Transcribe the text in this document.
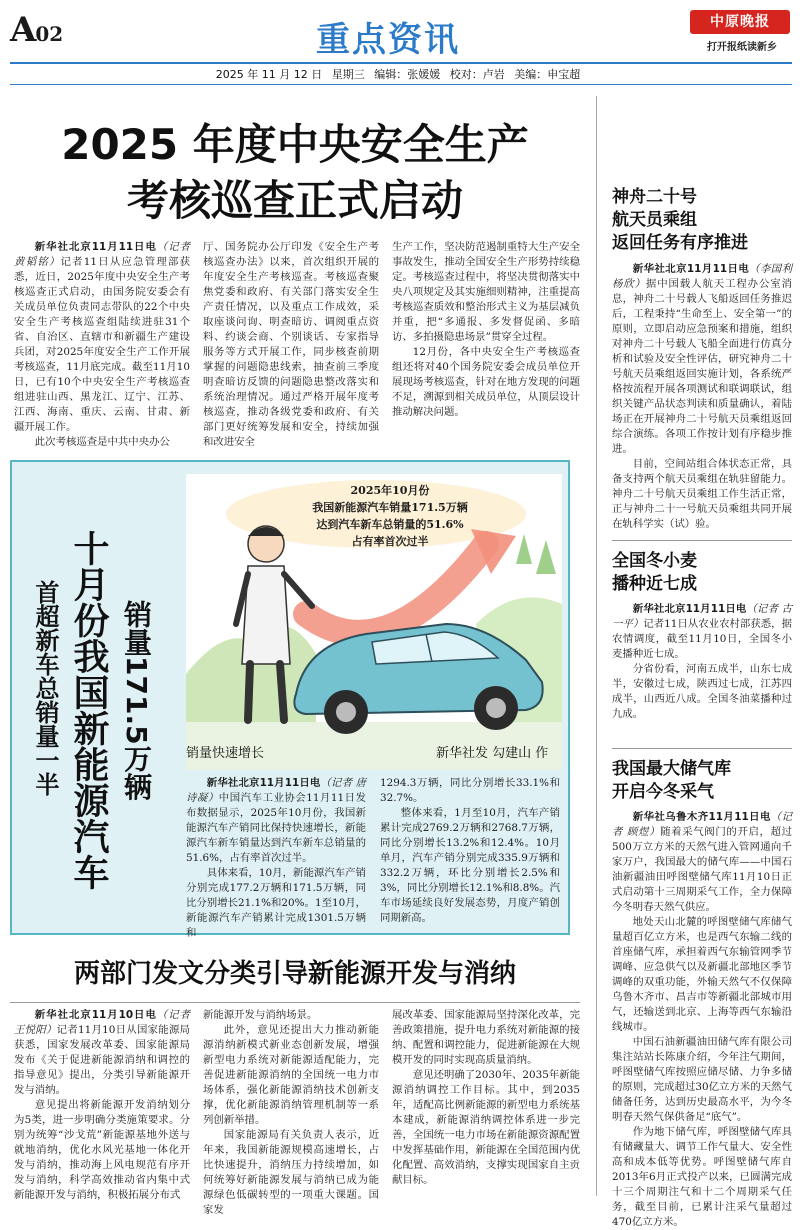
A02	重点资讯	中原晚报
打开报纸读新乡
2025 年 11 月 12 日 星期三 编辑：张媛媛 校对：卢岩 美编：申宝超
2025 年度中央安全生产
考核巡查正式启动

新华社北京11月11日电（记者 黄韬铭）记者11日从应急管理部获悉，近日，2025年度中央安全生产考核巡查正式启动，由国务院安委会有关成员单位负责同志带队的22个中央安全生产考核巡查组陆续进驻31个省、自治区、直辖市和新疆生产建设兵团，对2025年度安全生产工作开展考核巡查，11月底完成。截至11月10日，已有10个中央安全生产考核巡查组进驻山西、黑龙江、辽宁、江苏、江西、海南、重庆、云南、甘肃、新疆开展工作。

此次考核巡查是中共中央办公

厅、国务院办公厅印发《安全生产考核巡查办法》以来，首次组织开展的年度安全生产考核巡查。考核巡查聚焦党委和政府、有关部门落实安全生产责任情况，以及重点工作成效，采取座谈问询、明查暗访、调阅重点资料、约谈会商、个别谈话、专家指导服务等方式开展工作，同步核查前期掌握的问题隐患线索，抽查前三季度明查暗访反馈的问题隐患整改落实和系统治理情况。通过严格开展年度考核巡查，推动各级党委和政府、有关部门更好统筹发展和安全，持续加强和改进安全

生产工作，坚决防范遏制重特大生产安全事故发生，推动全国安全生产形势持续稳定。考核巡查过程中，将坚决贯彻落实中央八项规定及其实施细则精神，注重提高考核巡查质效和整治形式主义为基层减负并重，把“多通报、多发督促函、多暗访、多拍摄隐患场景”贯穿全过程。

12月份，各中央安全生产考核巡查组还将对40个国务院安委会成员单位开展现场考核巡查，针对在地方发现的问题不足，溯源到相关成员单位，从顶层设计推动解决问题。

十月份我国新能源汽车
首超新车总销量一半 销量171.5万辆
2025年10月份
我国新能源汽车销量171.5万辆
达到汽车新车总销量的51.6%
占有率首次过半
销量快速增长	新华社发 勾建山 作

新华社北京11月11日电（记者 唐诗凝）中国汽车工业协会11月11日发布数据显示，2025年10月份，我国新能源汽车产销同比保持快速增长，新能源汽车新车销量达到汽车新车总销量的51.6%，占有率首次过半。

具体来看，10月，新能源汽车产销分别完成177.2万辆和171.5万辆，同比分别增长21.1%和20%。1至10月，新能源汽车产销累计完成1301.5万辆和

1294.3万辆，同比分别增长33.1%和32.7%。

整体来看，1月至10月，汽车产销累计完成2769.2万辆和2768.7万辆，同比分别增长13.2%和12.4%。10月单月，汽车产销分别完成335.9万辆和332.2万辆，环比分别增长2.5%和3%，同比分别增长12.1%和8.8%。汽车市场延续良好发展态势，月度产销创同期新高。

两部门发文分类引导新能源开发与消纳

新华社北京11月10日电（记者 王悦阳）记者11月10日从国家能源局获悉，国家发展改革委、国家能源局发布《关于促进新能源消纳和调控的指导意见》提出，分类引导新能源开发与消纳。

意见提出将新能源开发消纳划分为5类，进一步明确分类施策要求。分别为统筹“沙戈荒”新能源基地外送与就地消纳，优化水风光基地一体化开发与消纳，推动海上风电规范有序开发与消纳，科学高效推动省内集中式新能源开发与消纳，积极拓展分布式

新能源开发与消纳场景。

此外，意见还提出大力推动新能源消纳新模式新业态创新发展，增强新型电力系统对新能源适配能力，完善促进新能源消纳的全国统一电力市场体系，强化新能源消纳技术创新支撑，优化新能源消纳管理机制等一系列创新举措。

国家能源局有关负责人表示，近年来，我国新能源规模高速增长，占比快速提升，消纳压力持续增加，如何统筹好新能源发展与消纳已成为能源绿色低碳转型的一项重大课题。国家发

展改革委、国家能源局坚持深化改革，完善政策措施，提升电力系统对新能源的接纳、配置和调控能力，促进新能源在大规模开发的同时实现高质量消纳。

意见还明确了2030年、2035年新能源消纳调控工作目标。其中，到2035年，适配高比例新能源的新型电力系统基本建成，新能源消纳调控体系进一步完善，全国统一电力市场在新能源资源配置中发挥基础作用，新能源在全国范围内优化配置、高效消纳，支撑实现国家自主贡献目标。

神舟二十号
航天员乘组
返回任务有序推进

新华社北京11月11日电（李国利 杨欣）据中国载人航天工程办公室消息，神舟二十号载人飞船返回任务推迟后，工程秉持“生命至上、安全第一”的原则，立即启动应急预案和措施，组织对神舟二十号载人飞船全面进行仿真分析和试验及安全性评估，研究神舟二十号航天员乘组返回实施计划，各系统严格按流程开展各项测试和联调联试，组织关键产品状态判读和质量确认，着陆场正在开展神舟二十号航天员乘组返回综合演练。各项工作按计划有序稳步推进。

目前，空间站组合体状态正常，具备支持两个航天员乘组在轨驻留能力。神舟二十号航天员乘组工作生活正常，正与神舟二十一号航天员乘组共同开展在轨科学实（试）验。

全国冬小麦
播种近七成

新华社北京11月11日电（记者 古一平）记者11日从农业农村部获悉，据农情调度，截至11月10日，全国冬小麦播种近七成。

分省份看，河南五成半，山东七成半，安徽过七成，陕西过七成，江苏四成半，山西近八成。全国冬油菜播种过九成。

我国最大储气库
开启今冬采气

新华社乌鲁木齐11月11日电（记者 顾煜）随着采气阀门的开启，超过500万立方米的天然气进入管网通向千家万户，我国最大的储气库——中国石油新疆油田呼图壁储气库11月10日正式启动第十三周期采气工作，全力保障今冬明春天然气供应。

地处天山北麓的呼图壁储气库储气量超百亿立方米，也是西气东输二线的首座储气库，承担着西气东输管网季节调峰、应急供气以及新疆北部地区季节调峰的双重功能，外输天然气不仅保障乌鲁木齐市、昌吉市等新疆北部城市用气，还输送到北京、上海等西气东输沿线城市。

中国石油新疆油田储气库有限公司集注站站长陈康介绍，今年注气期间，呼图壁储气库按照应储尽储、力争多储的原则，完成超过30亿立方米的天然气储备任务，达到历史最高水平，为今冬明春天然气保供备足“底气”。

作为地下储气库，呼图壁储气库具有储藏量大、调节工作气量大、安全性高和成本低等优势。呼图壁储气库自2013年6月正式投产以来，已圆满完成十三个周期注气和十二个周期采气任务，截至目前，已累计注采气量超过470亿立方米。
